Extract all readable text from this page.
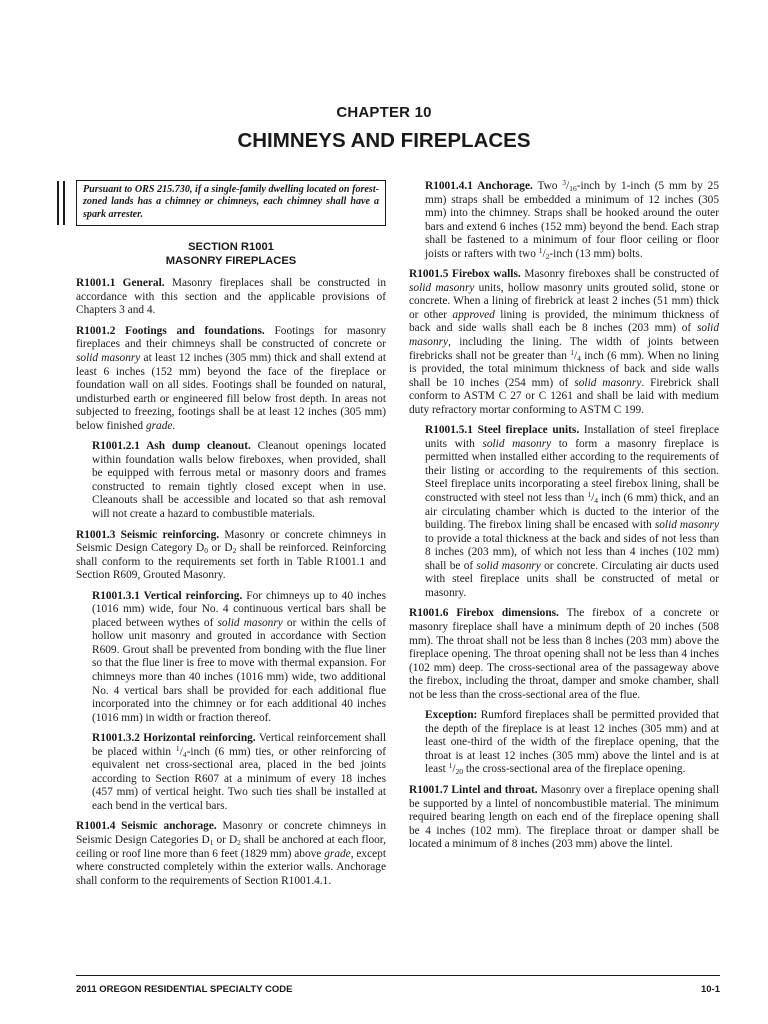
CHAPTER 10
CHIMNEYS AND FIREPLACES
Pursuant to ORS 215.730, if a single-family dwelling located on forest-zoned lands has a chimney or chimneys, each chimney shall have a spark arrester.
SECTION R1001
MASONRY FIREPLACES

R1001.1 General. Masonry fireplaces shall be constructed in accordance with this section and the applicable provisions of Chapters 3 and 4.

R1001.2 Footings and foundations. Footings for masonry fireplaces and their chimneys shall be constructed of concrete or solid masonry at least 12 inches (305 mm) thick and shall extend at least 6 inches (152 mm) beyond the face of the fireplace or foundation wall on all sides. Footings shall be founded on natural, undisturbed earth or engineered fill below frost depth. In areas not subjected to freezing, footings shall be at least 12 inches (305 mm) below finished grade.

R1001.2.1 Ash dump cleanout. Cleanout openings located within foundation walls below fireboxes, when provided, shall be equipped with ferrous metal or masonry doors and frames constructed to remain tightly closed except when in use. Cleanouts shall be accessible and located so that ash removal will not create a hazard to combustible materials.

R1001.3 Seismic reinforcing. Masonry or concrete chimneys in Seismic Design Category D0 or D2 shall be reinforced. Reinforcing shall conform to the requirements set forth in Table R1001.1 and Section R609, Grouted Masonry.

R1001.3.1 Vertical reinforcing. For chimneys up to 40 inches (1016 mm) wide, four No. 4 continuous vertical bars shall be placed between wythes of solid masonry or within the cells of hollow unit masonry and grouted in accordance with Section R609. Grout shall be prevented from bonding with the flue liner so that the flue liner is free to move with thermal expansion. For chimneys more than 40 inches (1016 mm) wide, two additional No. 4 vertical bars shall be provided for each additional flue incorporated into the chimney or for each additional 40 inches (1016 mm) in width or fraction thereof.

R1001.3.2 Horizontal reinforcing. Vertical reinforcement shall be placed within $^1$/4-inch (6 mm) ties, or other reinforcing of equivalent net cross-sectional area, placed in the bed joints according to Section R607 at a minimum of every 18 inches (457 mm) of vertical height. Two such ties shall be installed at each bend in the vertical bars.

R1001.4 Seismic anchorage. Masonry or concrete chimneys in Seismic Design Categories D1 or D2 shall be anchored at each floor, ceiling or roof line more than 6 feet (1829 mm) above grade, except where constructed completely within the exterior walls. Anchorage shall conform to the requirements of Section R1001.4.1.

R1001.4.1 Anchorage. Two $^3$/16-inch by 1-inch (5 mm by 25 mm) straps shall be embedded a minimum of 12 inches (305 mm) into the chimney. Straps shall be hooked around the outer bars and extend 6 inches (152 mm) beyond the bend. Each strap shall be fastened to a minimum of four floor ceiling or floor joists or rafters with two $^1$/2-inch (13 mm) bolts.

R1001.5 Firebox walls. Masonry fireboxes shall be constructed of solid masonry units, hollow masonry units grouted solid, stone or concrete. When a lining of firebrick at least 2 inches (51 mm) thick or other approved lining is provided, the minimum thickness of back and side walls shall each be 8 inches (203 mm) of solid masonry, including the lining. The width of joints between firebricks shall not be greater than $^1$/4 inch (6 mm). When no lining is provided, the total minimum thickness of back and side walls shall be 10 inches (254 mm) of solid masonry. Firebrick shall conform to ASTM C 27 or C 1261 and shall be laid with medium duty refractory mortar conforming to ASTM C 199.

R1001.5.1 Steel fireplace units. Installation of steel fireplace units with solid masonry to form a masonry fireplace is permitted when installed either according to the requirements of their listing or according to the requirements of this section. Steel fireplace units incorporating a steel firebox lining, shall be constructed with steel not less than $^1$/4 inch (6 mm) thick, and an air circulating chamber which is ducted to the interior of the building. The firebox lining shall be encased with solid masonry to provide a total thickness at the back and sides of not less than 8 inches (203 mm), of which not less than 4 inches (102 mm) shall be of solid masonry or concrete. Circulating air ducts used with steel fireplace units shall be constructed of metal or masonry.

R1001.6 Firebox dimensions. The firebox of a concrete or masonry fireplace shall have a minimum depth of 20 inches (508 mm). The throat shall not be less than 8 inches (203 mm) above the fireplace opening. The throat opening shall not be less than 4 inches (102 mm) deep. The cross-sectional area of the passageway above the firebox, including the throat, damper and smoke chamber, shall not be less than the cross-sectional area of the flue.

Exception: Rumford fireplaces shall be permitted provided that the depth of the fireplace is at least 12 inches (305 mm) and at least one-third of the width of the fireplace opening, that the throat is at least 12 inches (305 mm) above the lintel and is at least $^1$/20 the cross-sectional area of the fireplace opening.

R1001.7 Lintel and throat. Masonry over a fireplace opening shall be supported by a lintel of noncombustible material. The minimum required bearing length on each end of the fireplace opening shall be 4 inches (102 mm). The fireplace throat or damper shall be located a minimum of 8 inches (203 mm) above the lintel.

2011 OREGON RESIDENTIAL SPECIALTY CODE	10-1
